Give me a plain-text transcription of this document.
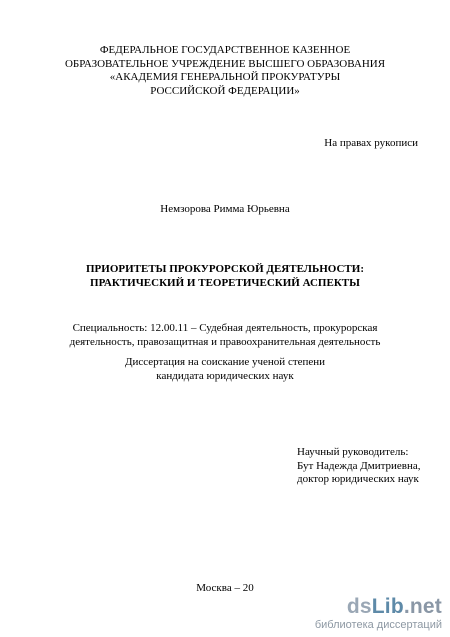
ФЕДЕРАЛЬНОЕ ГОСУДАРСТВЕННОЕ КАЗЕННОЕ
ОБРАЗОВАТЕЛЬНОЕ УЧРЕЖДЕНИЕ ВЫСШЕГО ОБРАЗОВАНИЯ
«АКАДЕМИЯ ГЕНЕРАЛЬНОЙ ПРОКУРАТУРЫ
РОССИЙСКОЙ ФЕДЕРАЦИИ»
На правах рукописи
Немзорова Римма Юрьевна
ПРИОРИТЕТЫ ПРОКУРОРСКОЙ ДЕЯТЕЛЬНОСТИ:
ПРАКТИЧЕСКИЙ И ТЕОРЕТИЧЕСКИЙ АСПЕКТЫ
Специальность: 12.00.11 – Судебная деятельность, прокурорская
деятельность, правозащитная и правоохранительная деятельность
Диссертация на соискание ученой степени
кандидата юридических наук
Научный руководитель:
Бут Надежда Дмитриевна,
доктор юридических наук
Москва – 20
dsLib.net
библиотека диссертаций
